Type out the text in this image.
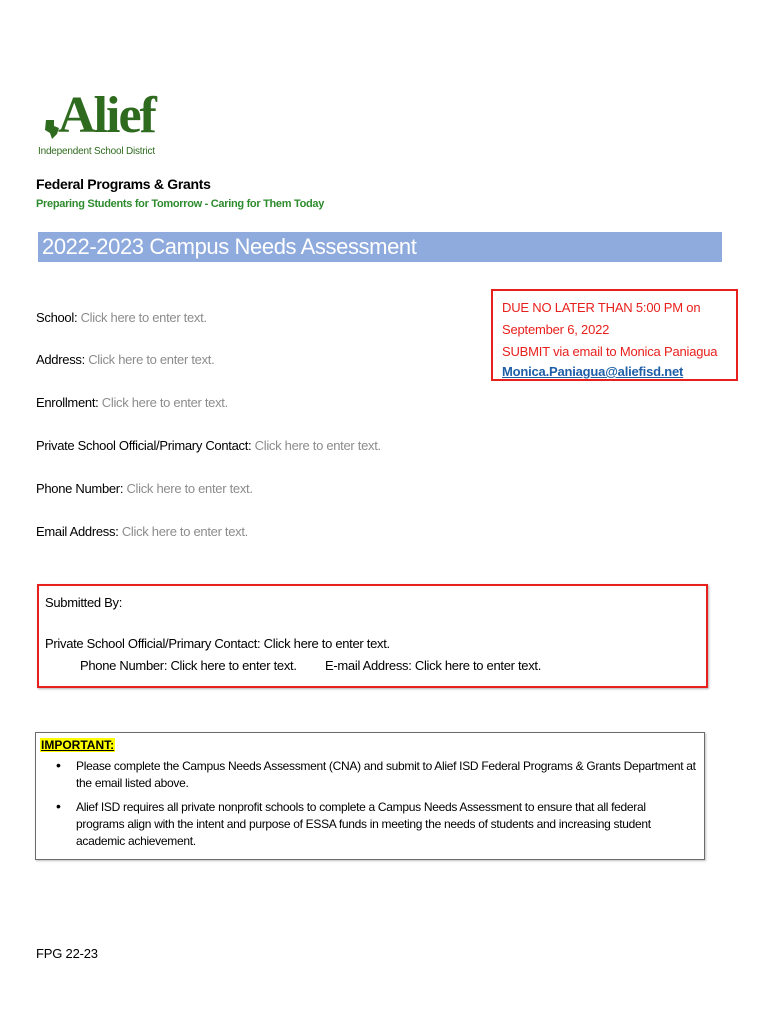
Alief
Independent School District
Federal Programs & Grants
Preparing Students for Tomorrow - Caring for Them Today
2022-2023 Campus Needs Assessment
School: Click here to enter text.
Address: Click here to enter text.
Enrollment: Click here to enter text.
Private School Official/Primary Contact: Click here to enter text.
Phone Number: Click here to enter text.
Email Address: Click here to enter text.
DUE NO LATER THAN 5:00 PM on
September 6, 2022
SUBMIT via email to Monica Paniagua
Monica.Paniagua@aliefisd.net
Submitted By:
Private School Official/Primary Contact: Click here to enter text.
Phone Number: Click here to enter text. E-mail Address: Click here to enter text.
IMPORTANT:
• Please complete the Campus Needs Assessment (CNA) and submit to Alief ISD Federal Programs & Grants Department at the email listed above.
• Alief ISD requires all private nonprofit schools to complete a Campus Needs Assessment to ensure that all federal programs align with the intent and purpose of ESSA funds in meeting the needs of students and increasing student academic achievement.
FPG 22-23
